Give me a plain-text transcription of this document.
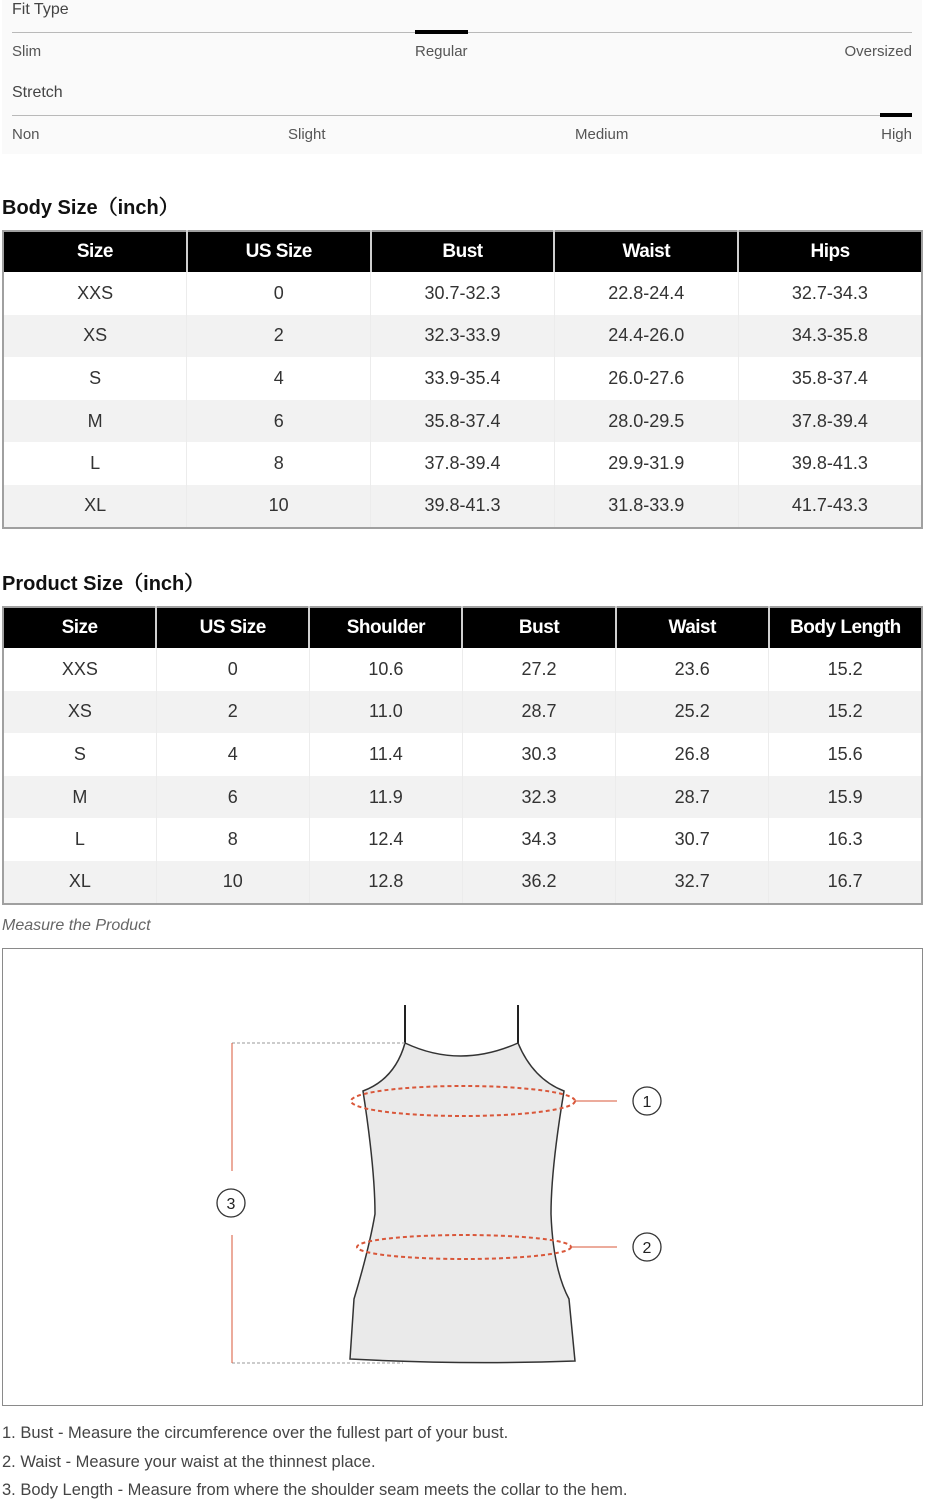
Fit Type
Slim	Regular	Oversized
Stretch
Non	Slight	Medium	High
Body Size（inch）
Size	US Size	Bust	Waist	Hips
XXS	0	30.7-32.3	22.8-24.4	32.7-34.3
XS	2	32.3-33.9	24.4-26.0	34.3-35.8
S	4	33.9-35.4	26.0-27.6	35.8-37.4
M	6	35.8-37.4	28.0-29.5	37.8-39.4
L	8	37.8-39.4	29.9-31.9	39.8-41.3
XL	10	39.8-41.3	31.8-33.9	41.7-43.3
Product Size（inch）
Size	US Size	Shoulder	Bust	Waist	Body Length
XXS	0	10.6	27.2	23.6	15.2
XS	2	11.0	28.7	25.2	15.2
S	4	11.4	30.3	26.8	15.6
M	6	11.9	32.3	28.7	15.9
L	8	12.4	34.3	30.7	16.3
XL	10	12.8	36.2	32.7	16.7
Measure the Product
1
2
3
1. Bust - Measure the circumference over the fullest part of your bust.
2. Waist - Measure your waist at the thinnest place.
3. Body Length - Measure from where the shoulder seam meets the collar to the hem.
